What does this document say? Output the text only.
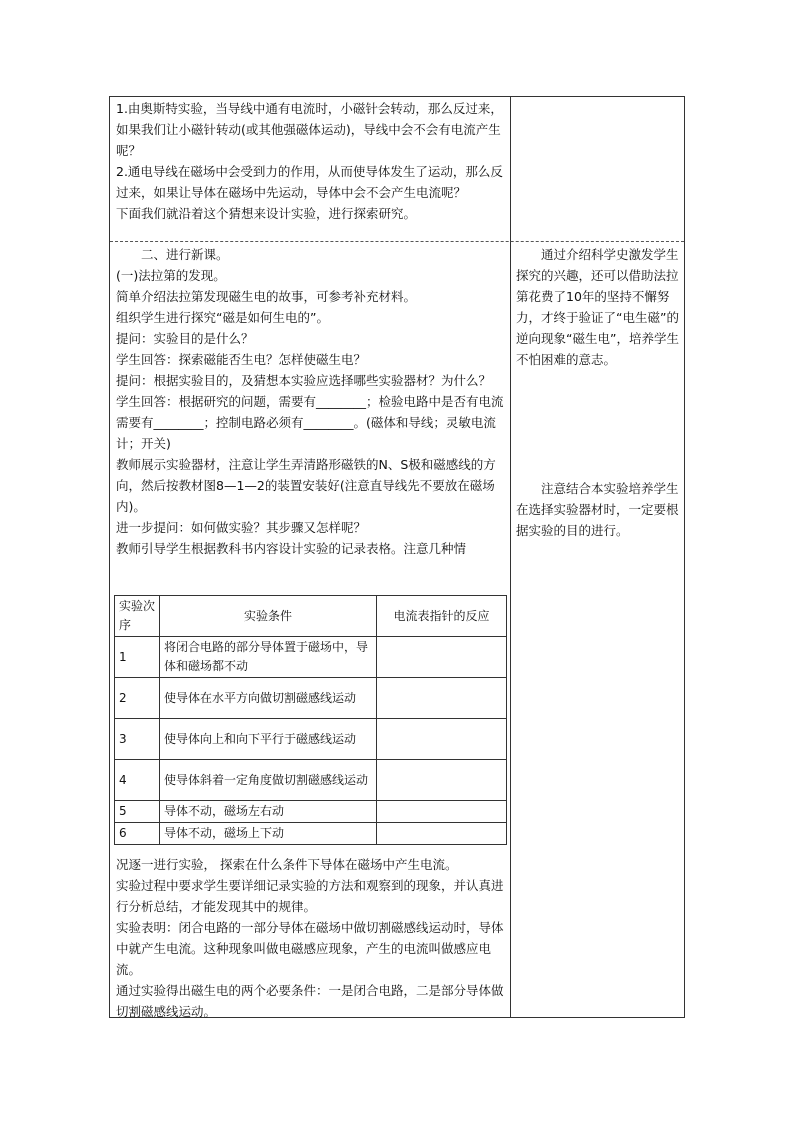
1.由奥斯特实验，当导线中通有电流时，小磁针会转动，那么反过来，如果我们让小磁针转动(或其他强磁体运动)，导线中会不会有电流产生呢？

2.通电导线在磁场中会受到力的作用，从而使导体发生了运动，那么反过来，如果让导体在磁场中先运动，导体中会不会产生电流呢？

下面我们就沿着这个猜想来设计实验，进行探索研究。

二、进行新课。

(一)法拉第的发现。

简单介绍法拉第发现磁生电的故事，可参考补充材料。

组织学生进行探究“磁是如何生电的”。

提问：实验目的是什么？

学生回答：探索磁能否生电？怎样使磁生电？

提问：根据实验目的，及猜想本实验应选择哪些实验器材？为什么？

学生回答：根据研究的问题，需要有________；检验电路中是否有电流需要有________；控制电路必须有________。(磁体和导线；灵敏电流计；开关)

教师展示实验器材，注意让学生弄清路形磁铁的N、S极和磁感线的方向，然后按教材图8—1—2的装置安装好(注意直导线先不要放在磁场内)。

进一步提问：如何做实验？其步骤又怎样呢？

教师引导学生根据教科书内容设计实验的记录表格。注意几种情

实验次序	实验条件	电流表指针的反应
1	将闭合电路的部分导体置于磁场中，导体和磁场都不动	
2	使导体在水平方向做切割磁感线运动	
3	使导体向上和向下平行于磁感线运动	
4	使导体斜着一定角度做切割磁感线运动	
5	导体不动，磁场左右动	
6	导体不动，磁场上下动	

况逐一进行实验， 探索在什么条件下导体在磁场中产生电流。

实验过程中要求学生要详细记录实验的方法和观察到的现象，并认真进行分析总结，才能发现其中的规律。

实验表明：闭合电路的一部分导体在磁场中做切割磁感线运动时，导体中就产生电流。这种现象叫做电磁感应现象，产生的电流叫做感应电流。

通过实验得出磁生电的两个必要条件：一是闭合电路，二是部分导体做切割磁感线运动。

通过介绍科学史激发学生探究的兴趣，还可以借助法拉第花费了10年的坚持不懈努力，才终于验证了“电生磁”的逆向现象“磁生电”，培养学生不怕困难的意志。

注意结合本实验培养学生在选择实验器材时，一定要根据实验的目的进行。
